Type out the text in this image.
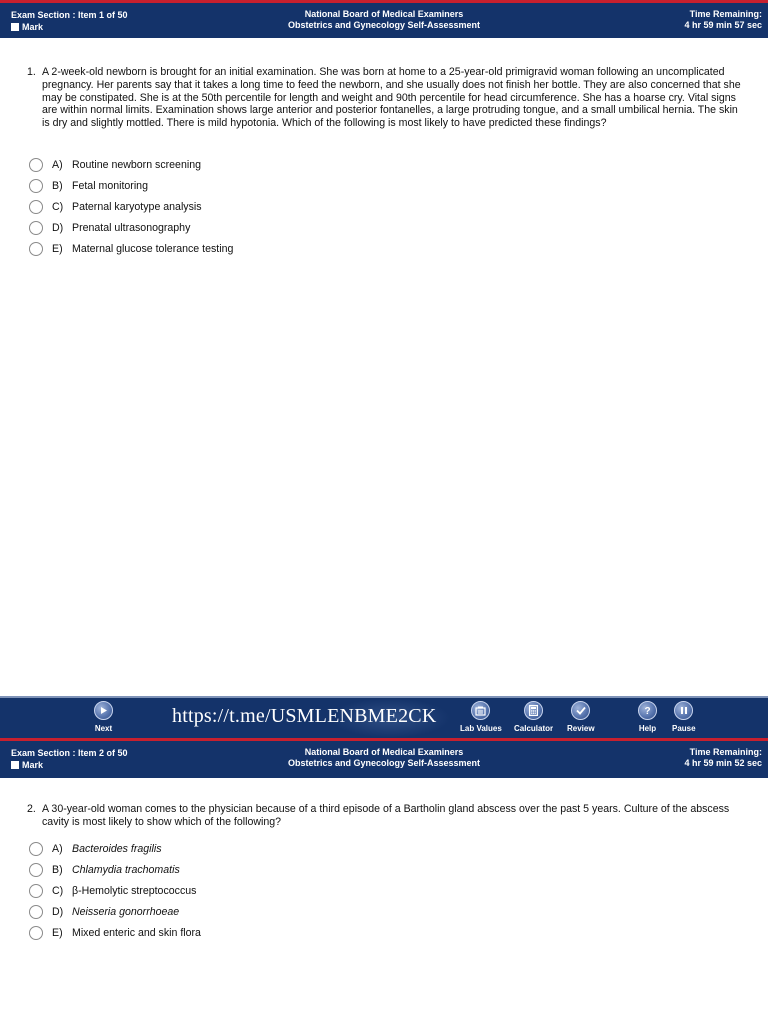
Exam Section : Item 1 of 50
Mark
National Board of Medical Examiners
Obstetrics and Gynecology Self-Assessment
Time Remaining:
4 hr 59 min 57 sec
1. A 2-week-old newborn is brought for an initial examination. She was born at home to a 25-year-old primigravid woman following an uncomplicated pregnancy. Her parents say that it takes a long time to feed the newborn, and she usually does not finish her bottle. They are also concerned that she may be constipated. She is at the 50th percentile for length and weight and 90th percentile for head circumference. She has a hoarse cry. Vital signs are within normal limits. Examination shows large anterior and posterior fontanelles, a large protruding tongue, and a small umbilical hernia. The skin is dry and slightly mottled. There is mild hypotonia. Which of the following is most likely to have predicted these findings?
A) Routine newborn screening
B) Fetal monitoring
C) Paternal karyotype analysis
D) Prenatal ultrasonography
E) Maternal glucose tolerance testing
Next	Lab Values Calculator Review
?
Help Pause
https://t.me/USMLENBME2CK
Exam Section : Item 2 of 50
Mark
National Board of Medical Examiners
Obstetrics and Gynecology Self-Assessment
Time Remaining:
4 hr 59 min 52 sec
2. A 30-year-old woman comes to the physician because of a third episode of a Bartholin gland abscess over the past 5 years. Culture of the abscess cavity is most likely to show which of the following?
A) Bacteroides fragilis
B) Chlamydia trachomatis
C) β-Hemolytic streptococcus
D) Neisseria gonorrhoeae
E) Mixed enteric and skin flora
